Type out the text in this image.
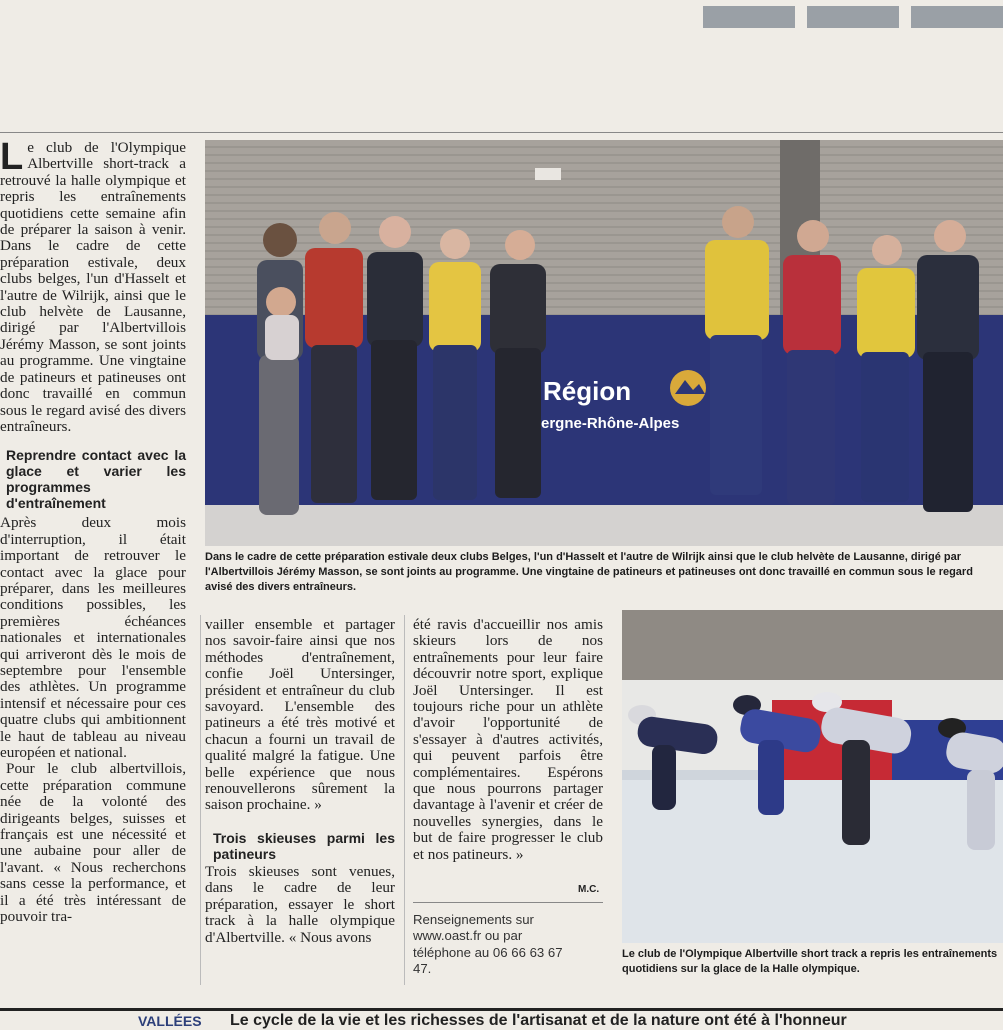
Le club de l'Olympique Albertville short-track a retrouvé la halle olympique et repris les entraînements quotidiens cette semaine afin de préparer la saison à venir. Dans le cadre de cette préparation estivale, deux clubs belges, l'un d'Hasselt et l'autre de Wilrijk, ainsi que le club helvète de Lausanne, dirigé par l'Albertvillois Jérémy Masson, se sont joints au programme. Une vingtaine de patineurs et patineuses ont donc travaillé en commun sous le regard avisé des divers entraîneurs.

Reprendre contact avec la glace et varier les programmes d'entraînement

Après deux mois d'interruption, il était important de retrouver le contact avec la glace pour préparer, dans les meilleures conditions possibles, les premières échéances nationales et internationales qui arriveront dès le mois de septembre pour l'ensemble des athlètes. Un programme intensif et nécessaire pour ces quatre clubs qui ambitionnent le haut de tableau au niveau européen et national.

Pour le club albertvillois, cette préparation commune née de la volonté des dirigeants belges, suisses et français est une nécessité et une aubaine pour aller de l'avant. « Nous recherchons sans cesse la performance, et il a été très intéressant de pouvoir tra-

Région
ergne-Rhône-Alpes
Dans le cadre de cette préparation estivale deux clubs Belges, l'un d'Hasselt et l'autre de Wilrijk ainsi que le club helvète de Lausanne, dirigé par l'Albertvillois Jérémy Masson, se sont joints au programme. Une vingtaine de patineurs et patineuses ont donc travaillé en commun sous le regard avisé des divers entraîneurs.

vailler ensemble et partager nos savoir-faire ainsi que nos méthodes d'entraînement, confie Joël Untersinger, président et entraîneur du club savoyard. L'ensemble des patineurs a été très motivé et chacun a fourni un travail de qualité malgré la fatigue. Une belle expérience que nous renouvellerons sûrement la saison prochaine. »

Trois skieuses parmi les patineurs

Trois skieuses sont venues, dans le cadre de leur préparation, essayer le short track à la halle olympique d'Albertville. « Nous avons

été ravis d'accueillir nos amis skieurs lors de nos entraînements pour leur faire découvrir notre sport, explique Joël Untersinger. Il est toujours riche pour un athlète d'avoir l'opportunité de s'essayer à d'autres activités, qui peuvent parfois être complémentaires. Espérons que nous pourrons partager davantage à l'avenir et créer de nouvelles synergies, dans le but de faire progresser le club et nos patineurs. »

M.C.
Renseignements sur www.oast.fr ou par téléphone au 06 66 63 67 47.
Le club de l'Olympique Albertville short track a repris les entraînements quotidiens sur la glace de la Halle olympique.
VALLÉES Le cycle de la vie et les richesses de l'artisanat et de la nature ont été à l'honneur
